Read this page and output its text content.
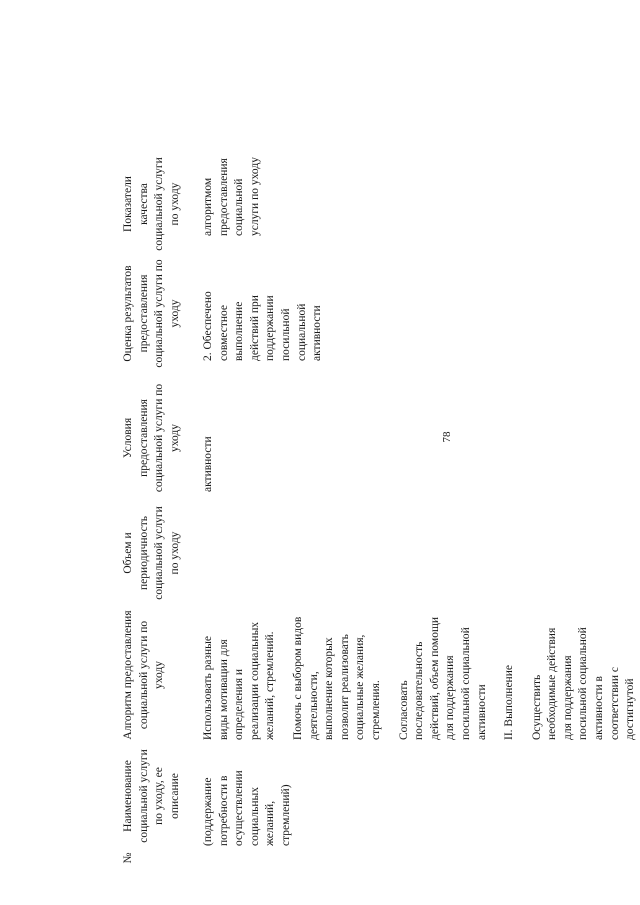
78
№
Наименование социальной услуги по уходу, ее описание
Алгоритм предоставления социальной услуги по уходу
Объем и периодичность социальной услуги по уходу
Условия предоставления социальной услуги по уходу
Оценка результатов предоставления социальной услуги по уходу
Показатели качества социальной услуги по уходу
(поддержание потребности в осуществлении социальных желаний, стремлений)

Использовать разные виды мотивации для определения и реализации социальных желаний, стремлений. Помочь с выбором видов деятельности, выполнение которых позволит реализовать социальные желания, стремления. Согласовать последовательность действий, объем помощи для поддержания посильной социальной активности II. Выполнение Осуществить необходимые действия для поддержания посильной социальной активности в соответствии с достигнутой

активности
2. Обеспечено совместное выполнение действий при поддержании посильной социальной активности
алгоритмом предоставления социальной услуги по уходу
